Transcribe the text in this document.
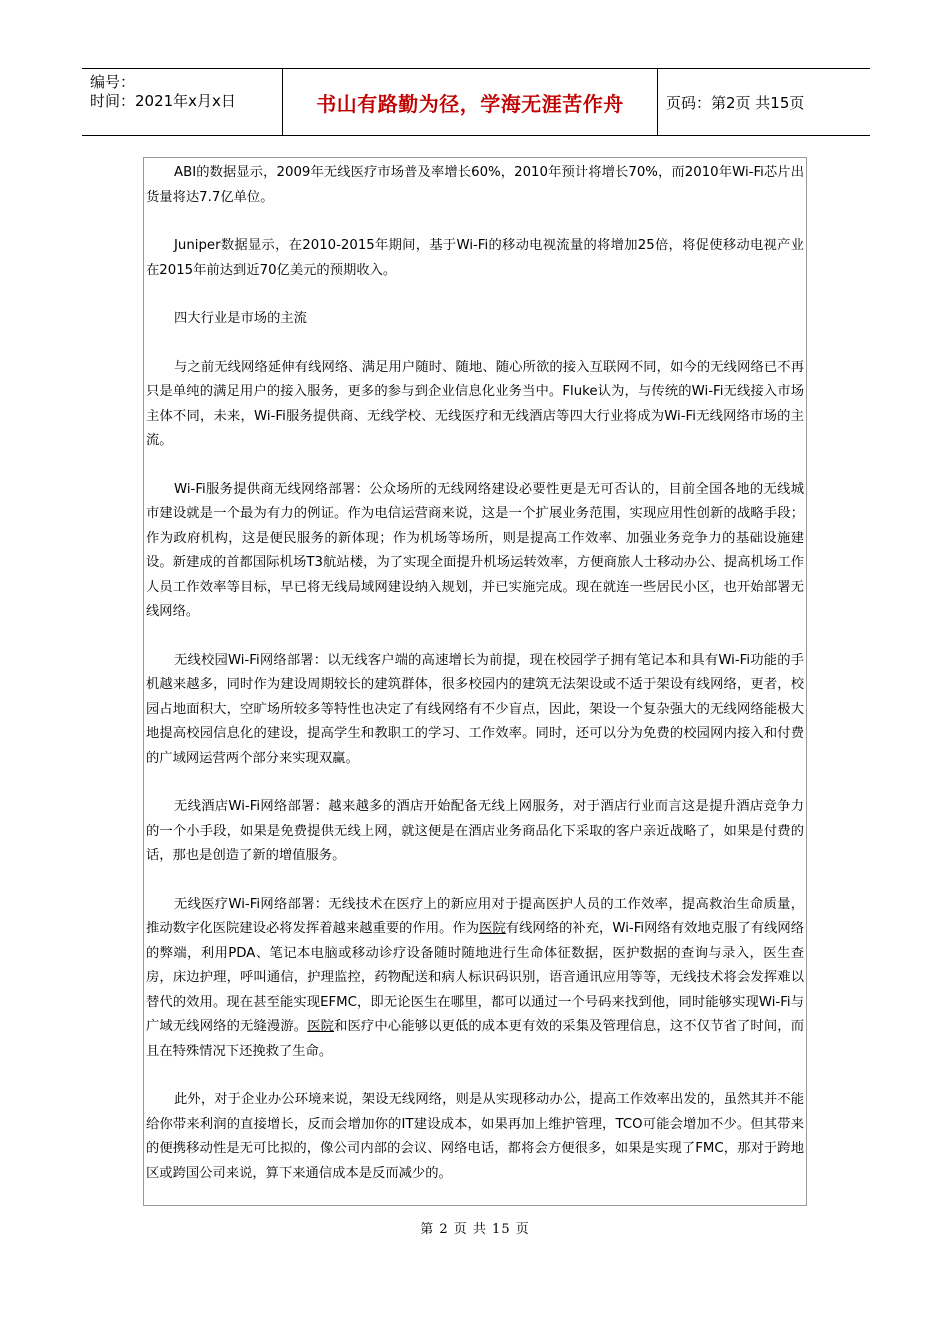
编号：
时间：2021年x月x日	书山有路勤为径，学海无涯苦作舟	页码：第2页 共15页

ABI的数据显示，2009年无线医疗市场普及率增长60%，2010年预计将增长70%，而2010年Wi-Fi芯片出货量将达7.7亿单位。

Juniper数据显示，在2010-2015年期间，基于Wi-Fi的移动电视流量的将增加25倍，将促使移动电视产业在2015年前达到近70亿美元的预期收入。

四大行业是市场的主流

与之前无线网络延伸有线网络、满足用户随时、随地、随心所欲的接入互联网不同，如今的无线网络已不再只是单纯的满足用户的接入服务，更多的参与到企业信息化业务当中。Fluke认为，与传统的Wi-Fi无线接入市场主体不同，未来，Wi-Fi服务提供商、无线学校、无线医疗和无线酒店等四大行业将成为Wi-Fi无线网络市场的主流。

Wi-Fi服务提供商无线网络部署：公众场所的无线网络建设必要性更是无可否认的，目前全国各地的无线城市建设就是一个最为有力的例证。作为电信运营商来说，这是一个扩展业务范围，实现应用性创新的战略手段；作为政府机构，这是便民服务的新体现；作为机场等场所，则是提高工作效率、加强业务竞争力的基础设施建设。新建成的首都国际机场T3航站楼，为了实现全面提升机场运转效率，方便商旅人士移动办公、提高机场工作人员工作效率等目标，早已将无线局域网建设纳入规划，并已实施完成。现在就连一些居民小区，也开始部署无线网络。

无线校园Wi-Fi网络部署：以无线客户端的高速增长为前提，现在校园学子拥有笔记本和具有Wi-Fi功能的手机越来越多，同时作为建设周期较长的建筑群体，很多校园内的建筑无法架设或不适于架设有线网络，更者，校园占地面积大，空旷场所较多等特性也决定了有线网络有不少盲点，因此，架设一个复杂强大的无线网络能极大地提高校园信息化的建设，提高学生和教职工的学习、工作效率。同时，还可以分为免费的校园网内接入和付费的广域网运营两个部分来实现双赢。

无线酒店Wi-Fi网络部署：越来越多的酒店开始配备无线上网服务，对于酒店行业而言这是提升酒店竞争力的一个小手段，如果是免费提供无线上网，就这便是在酒店业务商品化下采取的客户亲近战略了，如果是付费的话，那也是创造了新的增值服务。

无线医疗Wi-Fi网络部署：无线技术在医疗上的新应用对于提高医护人员的工作效率，提高救治生命质量，推动数字化医院建设必将发挥着越来越重要的作用。作为医院有线网络的补充，Wi-Fi网络有效地克服了有线网络的弊端，利用PDA、笔记本电脑或移动诊疗设备随时随地进行生命体征数据，医护数据的查询与录入，医生查房，床边护理，呼叫通信，护理监控，药物配送和病人标识码识别，语音通讯应用等等，无线技术将会发挥难以替代的效用。现在甚至能实现EFMC，即无论医生在哪里，都可以通过一个号码来找到他，同时能够实现Wi-Fi与广域无线网络的无缝漫游。医院和医疗中心能够以更低的成本更有效的采集及管理信息，这不仅节省了时间，而且在特殊情况下还挽救了生命。

此外，对于企业办公环境来说，架设无线网络，则是从实现移动办公，提高工作效率出发的，虽然其并不能给你带来利润的直接增长，反而会增加你的IT建设成本，如果再加上维护管理，TCO可能会增加不少。但其带来的便携移动性是无可比拟的，像公司内部的会议、网络电话，都将会方便很多，如果是实现了FMC，那对于跨地区或跨国公司来说，算下来通信成本是反而减少的。

第 2 页 共 15 页
